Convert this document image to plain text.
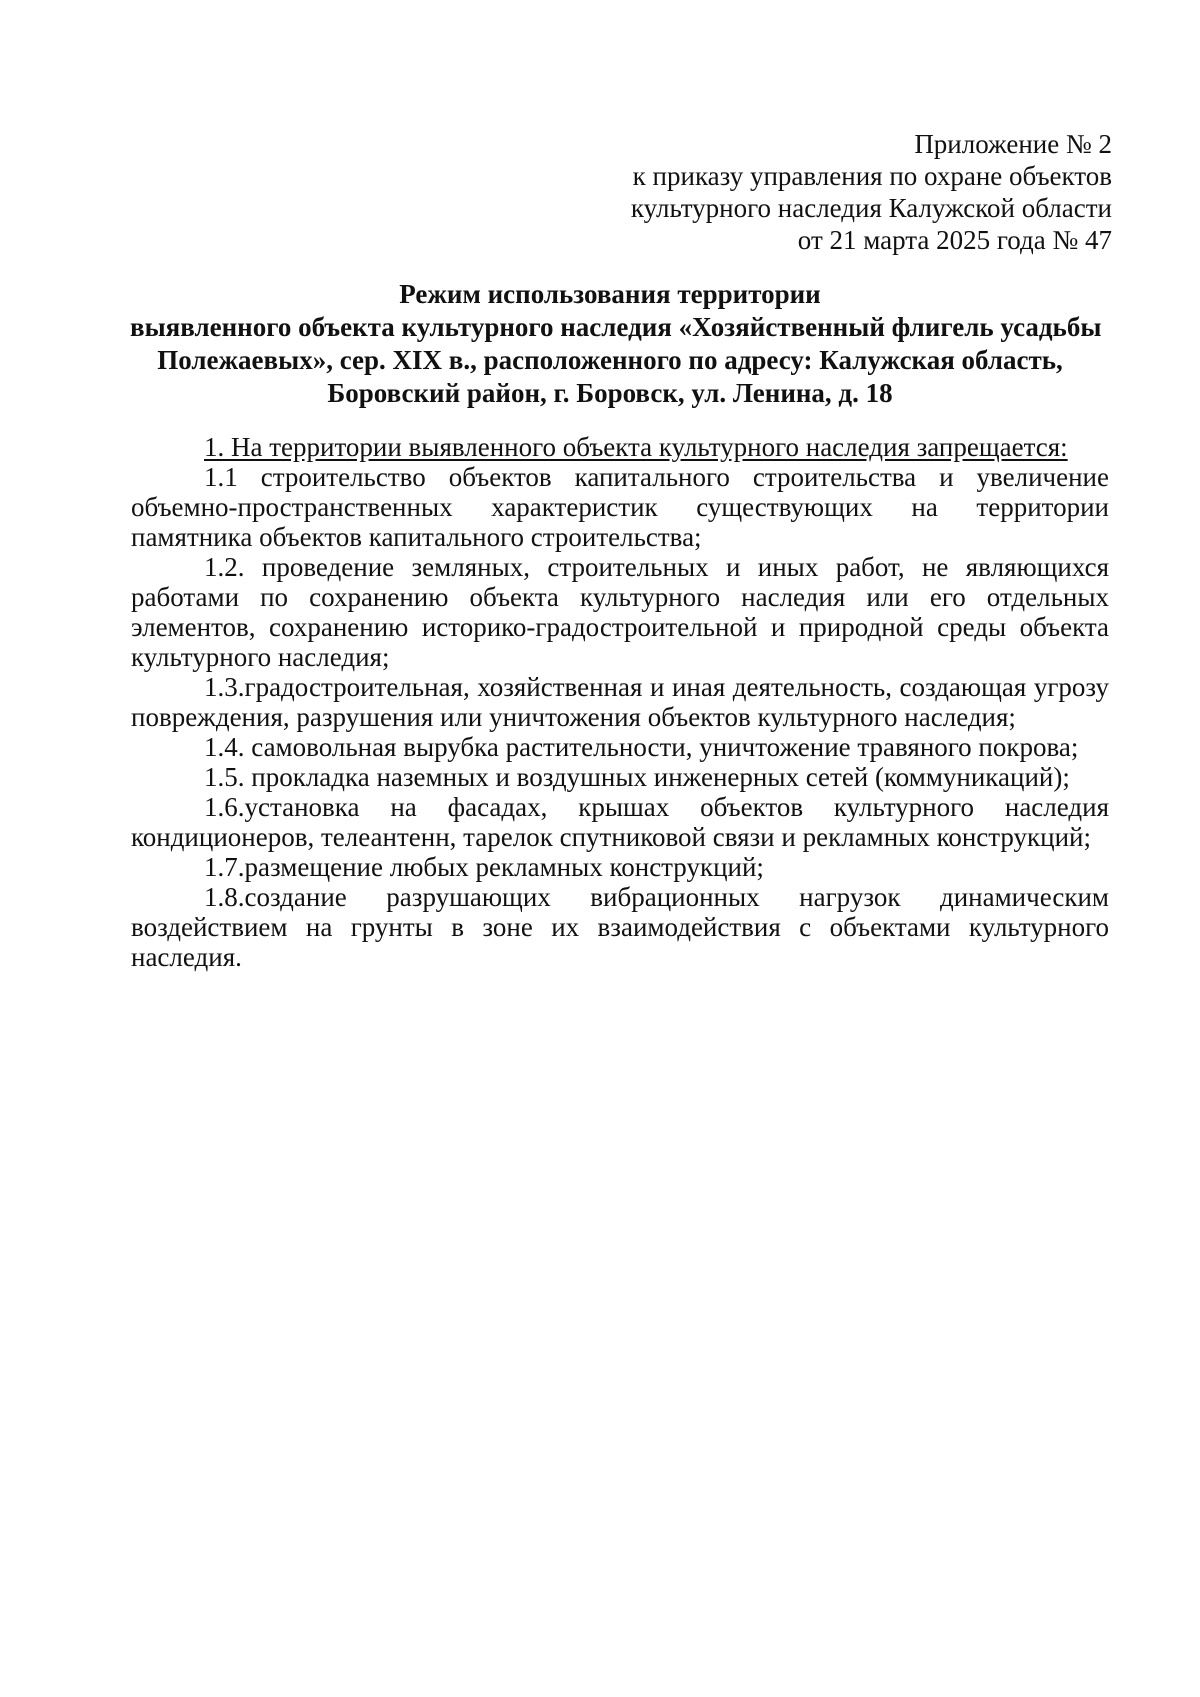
Приложение № 2
к приказу управления по охране объектов
культурного наследия Калужской области
от 21 марта 2025 года № 47
Режим использования территории
выявленного объекта культурного наследия «Хозяйственный флигель усадьбы
Полежаевых», сер. XIX в., расположенного по адресу: Калужская область,
Боровский район, г. Боровск, ул. Ленина, д. 18

1. На территории выявленного объекта культурного наследия запрещается:

1.1 строительство объектов капитального строительства и увеличение объемно-пространственных характеристик существующих на территории памятника объектов капитального строительства;

1.2. проведение земляных, строительных и иных работ, не являющихся работами по сохранению объекта культурного наследия или его отдельных элементов, сохранению историко-градостроительной и природной среды объекта культурного наследия;

1.3.градостроительная, хозяйственная и иная деятельность, создающая угрозу повреждения, разрушения или уничтожения объектов культурного наследия;

1.4. самовольная вырубка растительности, уничтожение травяного покрова;

1.5. прокладка наземных и воздушных инженерных сетей (коммуникаций);

1.6.установка на фасадах, крышах объектов культурного наследия кондиционеров, телеантенн, тарелок спутниковой связи и рекламных конструкций;

1.7.размещение любых рекламных конструкций;

1.8.создание разрушающих вибрационных нагрузок динамическим воздействием на грунты в зоне их взаимодействия с объектами культурного наследия.
